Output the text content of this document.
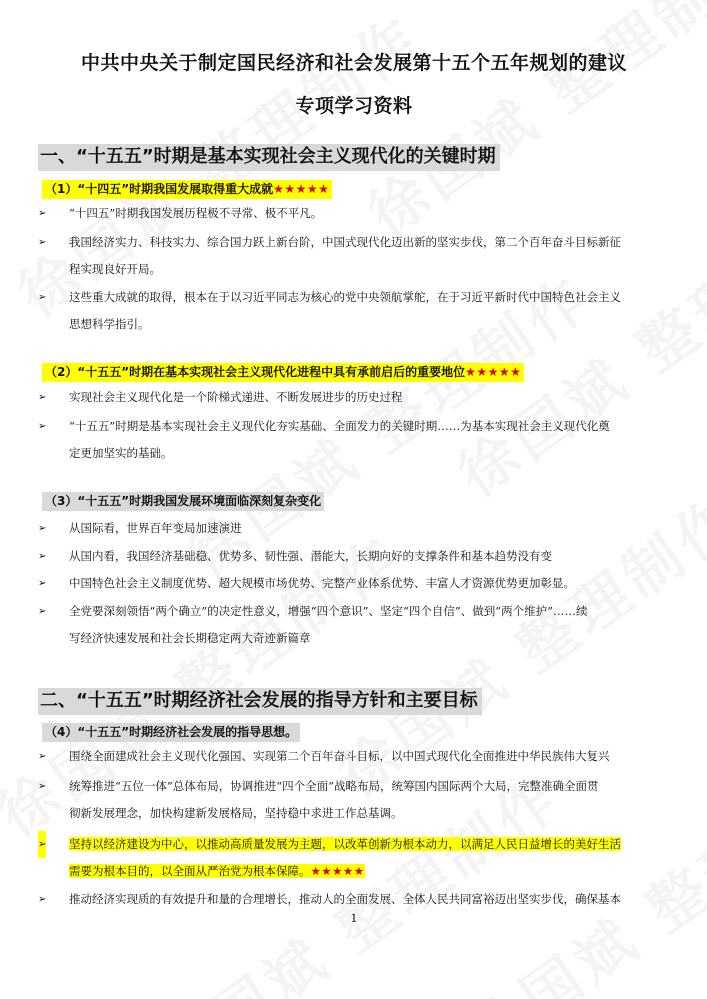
中共中央关于制定国民经济和社会发展第十五个五年规划的建议
专项学习资料
一、“十五五”时期是基本实现社会主义现代化的关键时期
（1）“十四五”时期我国发展取得重大成就★★★★★
➢ “十四五”时期我国发展历程极不寻常、极不平凡。
➢ 我国经济实力、科技实力、综合国力跃上新台阶，中国式现代化迈出新的坚实步伐，第二个百年奋斗目标新征
程实现良好开局。
➢ 这些重大成就的取得，根本在于以习近平同志为核心的党中央领航掌舵，在于习近平新时代中国特色社会主义
思想科学指引。
（2）“十五五”时期在基本实现社会主义现代化进程中具有承前启后的重要地位★★★★★
➢ 实现社会主义现代化是一个阶梯式递进、不断发展进步的历史过程
➢ “十五五”时期是基本实现社会主义现代化夯实基础、全面发力的关键时期……为基本实现社会主义现代化奠
定更加坚实的基础。
（3）“十五五”时期我国发展环境面临深刻复杂变化
➢ 从国际看，世界百年变局加速演进
➢ 从国内看，我国经济基础稳、优势多、韧性强、潜能大，长期向好的支撑条件和基本趋势没有变
➢ 中国特色社会主义制度优势、超大规模市场优势、完整产业体系优势、丰富人才资源优势更加彰显。
➢ 全党要深刻领悟“两个确立”的决定性意义，增强“四个意识”、坚定“四个自信”、做到“两个维护”……续
写经济快速发展和社会长期稳定两大奇迹新篇章
二、“十五五”时期经济社会发展的指导方针和主要目标
（4）“十五五”时期经济社会发展的指导思想。
➢ 围绕全面建成社会主义现代化强国、实现第二个百年奋斗目标，以中国式现代化全面推进中华民族伟大复兴
➢ 统筹推进“五位一体”总体布局，协调推进“四个全面”战略布局，统筹国内国际两个大局，完整准确全面贯
彻新发展理念，加快构建新发展格局，坚持稳中求进工作总基调。
➢ 坚持以经济建设为中心，以推动高质量发展为主题，以改革创新为根本动力，以满足人民日益增长的美好生活
需要为根本目的，以全面从严治党为根本保障。★★★★★
➢ 推动经济实现质的有效提升和量的合理增长，推动人的全面发展、全体人民共同富裕迈出坚实步伐，确保基本
1
